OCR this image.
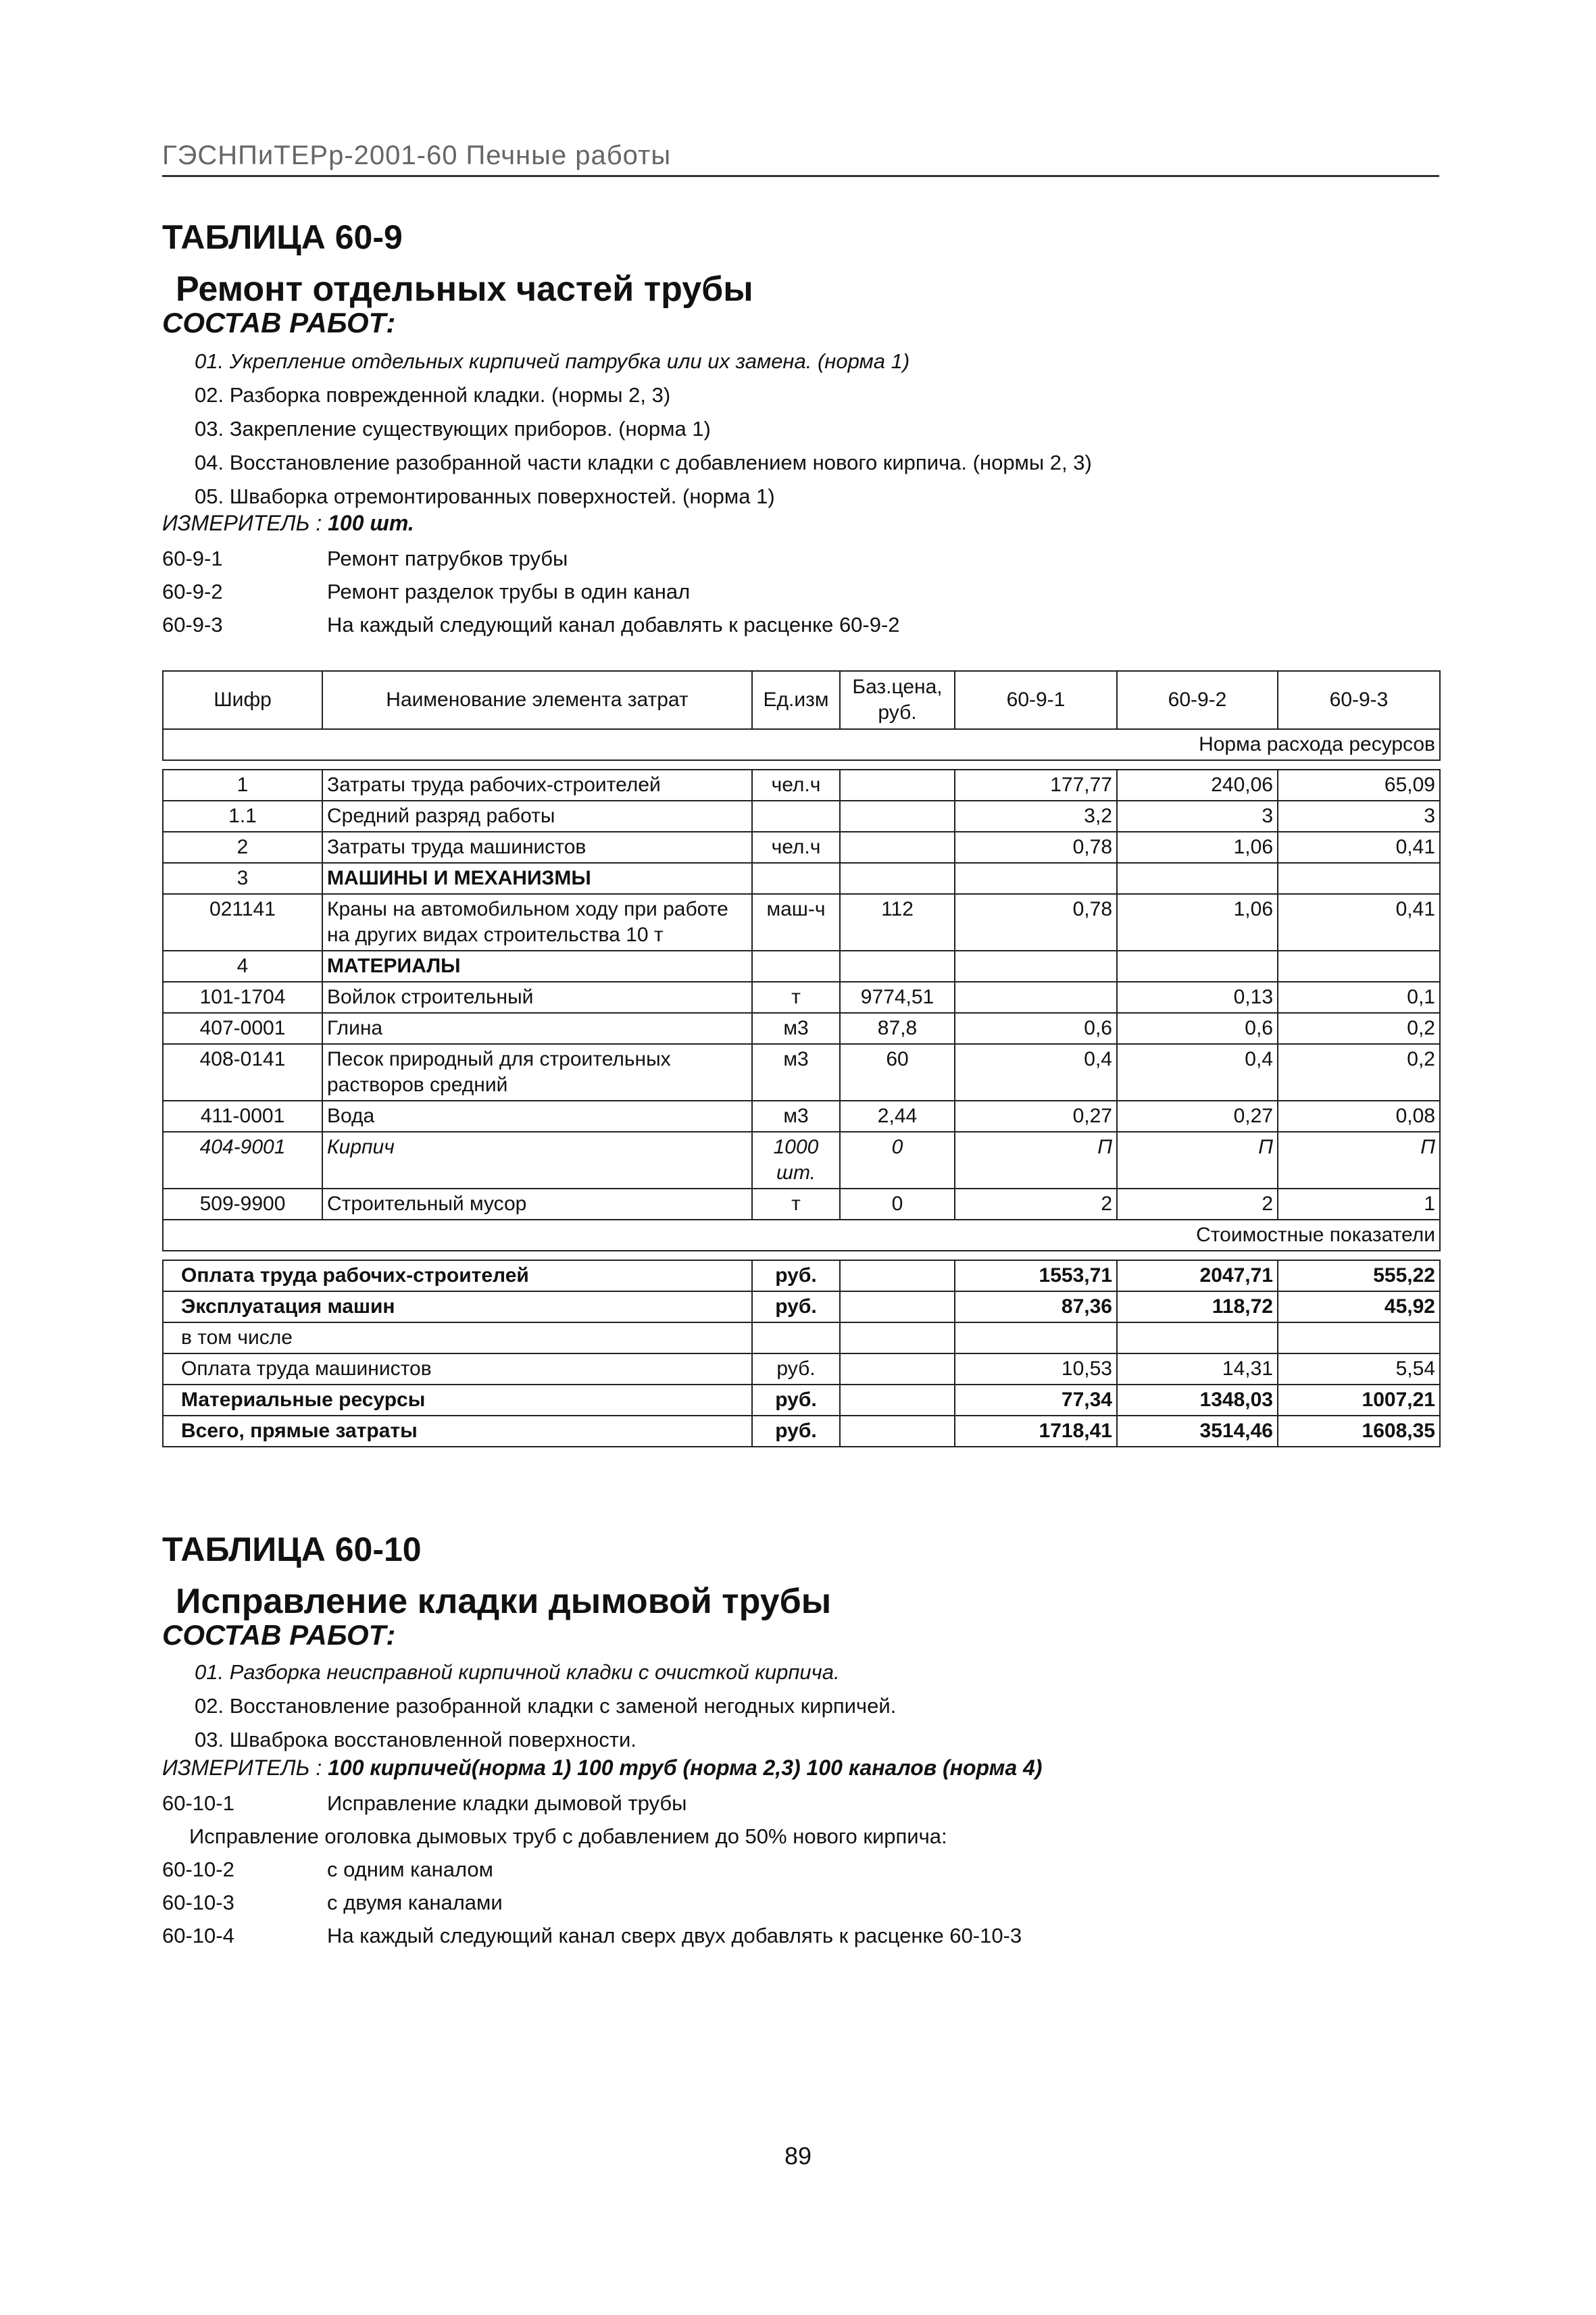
ГЭСНПиТЕРр-2001-60 Печные работы
ТАБЛИЦА 60-9
Ремонт отдельных частей трубы
СОСТАВ РАБОТ:
01. Укрепление отдельных кирпичей патрубка или их замена. (норма 1)
02. Разборка поврежденной кладки. (нормы 2, 3)
03. Закрепление существующих приборов. (норма 1)
04. Восстановление разобранной части кладки с добавлением нового кирпича. (нормы 2, 3)
05. Шваборка отремонтированных поверхностей. (норма 1)
ИЗМЕРИТЕЛЬ : 100 шт.
60-9-1	Ремонт патрубков трубы
60-9-2	Ремонт разделок трубы в один канал
60-9-3	На каждый следующий канал добавлять к расценке 60-9-2
Шифр	Наименование элемента затрат	Ед.изм	Баз.цена, руб.	60-9-1	60-9-2	60-9-3
Норма расхода ресурсов						

1	Затраты труда рабочих-строителей	чел.ч		177,77	240,06	65,09
1.1	Средний разряд работы			3,2	3	3
2	Затраты труда машинистов	чел.ч		0,78	1,06	0,41
3	МАШИНЫ И МЕХАНИЗМЫ					
021141	Краны на автомобильном ходу при работе на других видах строительства 10 т	маш-ч	112	0,78	1,06	0,41
4	МАТЕРИАЛЫ					
101-1704	Войлок строительный	т	9774,51		0,13	0,1
407-0001	Глина	м3	87,8	0,6	0,6	0,2
408-0141	Песок природный для строительных растворов средний	м3	60	0,4	0,4	0,2
411-0001	Вода	м3	2,44	0,27	0,27	0,08
404-9001	Кирпич	1000 шт.	0	П	П	П
509-9900	Строительный мусор	т	0	2	2	1
Стоимостные показатели						

Оплата труда рабочих-строителей		руб.		1553,71	2047,71	555,22
Эксплуатация машин		руб.		87,36	118,72	45,92
в том числе						
Оплата труда машинистов		руб.		10,53	14,31	5,54
Материальные ресурсы		руб.		77,34	1348,03	1007,21
Всего, прямые затраты		руб.		1718,41	3514,46	1608,35
ТАБЛИЦА 60-10
Исправление кладки дымовой трубы
СОСТАВ РАБОТ:
01. Разборка неисправной кирпичной кладки с очисткой кирпича.
02. Восстановление разобранной кладки с заменой негодных кирпичей.
03. Шваброка восстановленной поверхности.
ИЗМЕРИТЕЛЬ : 100 кирпичей(норма 1) 100 труб (норма 2,3) 100 каналов (норма 4)
60-10-1	Исправление кладки дымовой трубы
Исправление оголовка дымовых труб с добавлением до 50% нового кирпича:
60-10-2	с одним каналом
60-10-3	с двумя каналами
60-10-4	На каждый следующий канал сверх двух добавлять к расценке 60-10-3
89
